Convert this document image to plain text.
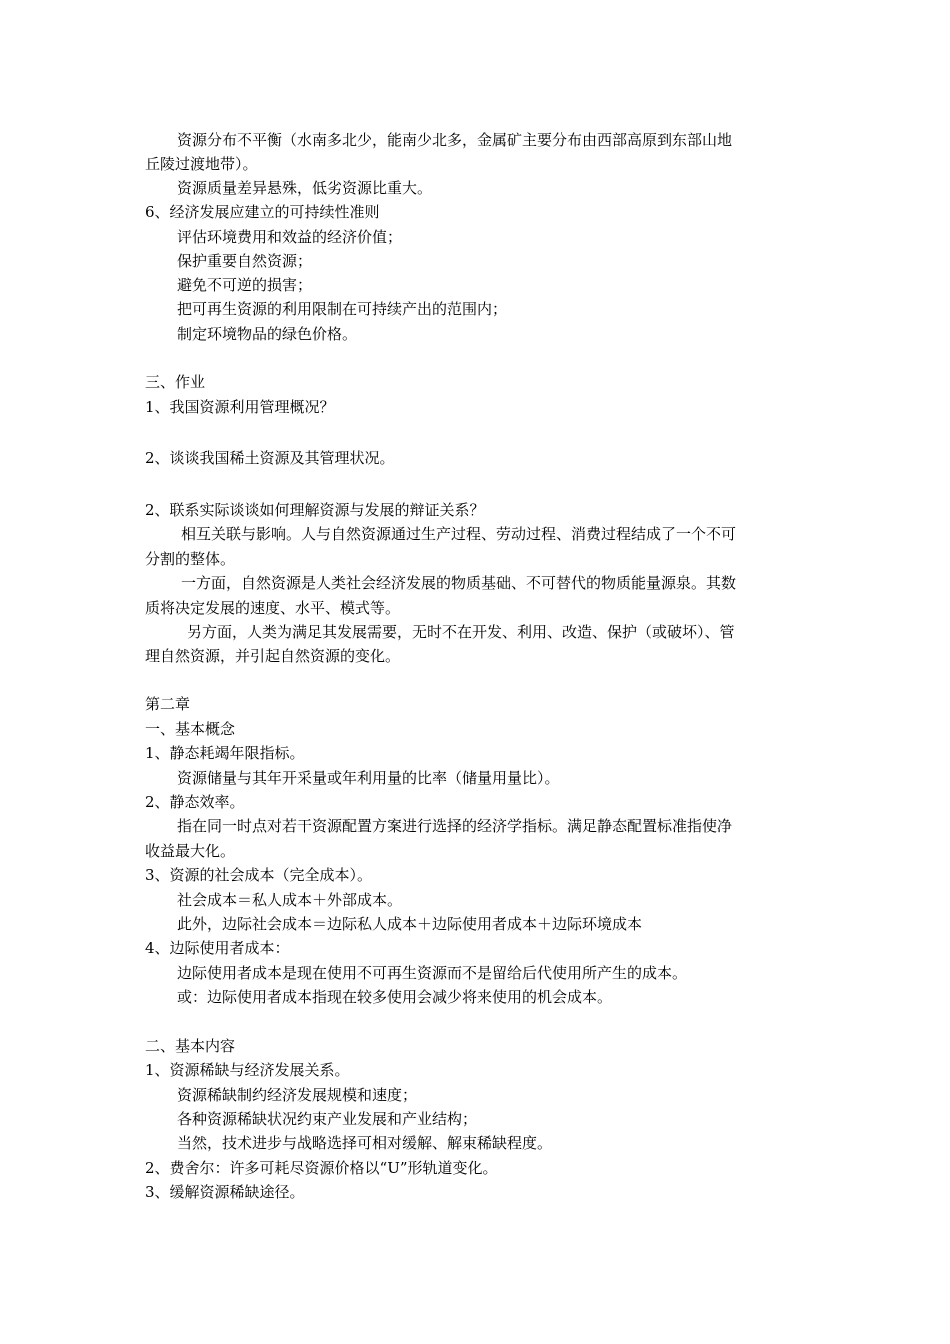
资源分布不平衡（水南多北少，能南少北多，金属矿主要分布由西部高原到东部山地
丘陵过渡地带）。
资源质量差异悬殊，低劣资源比重大。
6、经济发展应建立的可持续性准则
评估环境费用和效益的经济价值；
保护重要自然资源；
避免不可逆的损害；
把可再生资源的利用限制在可持续产出的范围内；
制定环境物品的绿色价格。
三、作业
1、我国资源利用管理概况？
2、谈谈我国稀土资源及其管理状况。
2、联系实际谈谈如何理解资源与发展的辩证关系？
相互关联与影响。人与自然资源通过生产过程、劳动过程、消费过程结成了一个不可
分割的整体。
一方面，自然资源是人类社会经济发展的物质基础、不可替代的物质能量源泉。其数
质将决定发展的速度、水平、模式等。
另方面，人类为满足其发展需要，无时不在开发、利用、改造、保护（或破坏）、管
理自然资源，并引起自然资源的变化。
第二章
一、基本概念
1、静态耗竭年限指标。
资源储量与其年开采量或年利用量的比率（储量用量比）。
2、静态效率。
指在同一时点对若干资源配置方案进行选择的经济学指标。满足静态配置标准指使净
收益最大化。
3、资源的社会成本（完全成本）。
社会成本＝私人成本＋外部成本。
此外，边际社会成本＝边际私人成本＋边际使用者成本＋边际环境成本
4、边际使用者成本：
边际使用者成本是现在使用不可再生资源而不是留给后代使用所产生的成本。
或：边际使用者成本指现在较多使用会减少将来使用的机会成本。
二、基本内容
1、资源稀缺与经济发展关系。
资源稀缺制约经济发展规模和速度；
各种资源稀缺状况约束产业发展和产业结构；
当然，技术进步与战略选择可相对缓解、解束稀缺程度。
2、费舍尔：许多可耗尽资源价格以“U”形轨道变化。
3、缓解资源稀缺途径。
